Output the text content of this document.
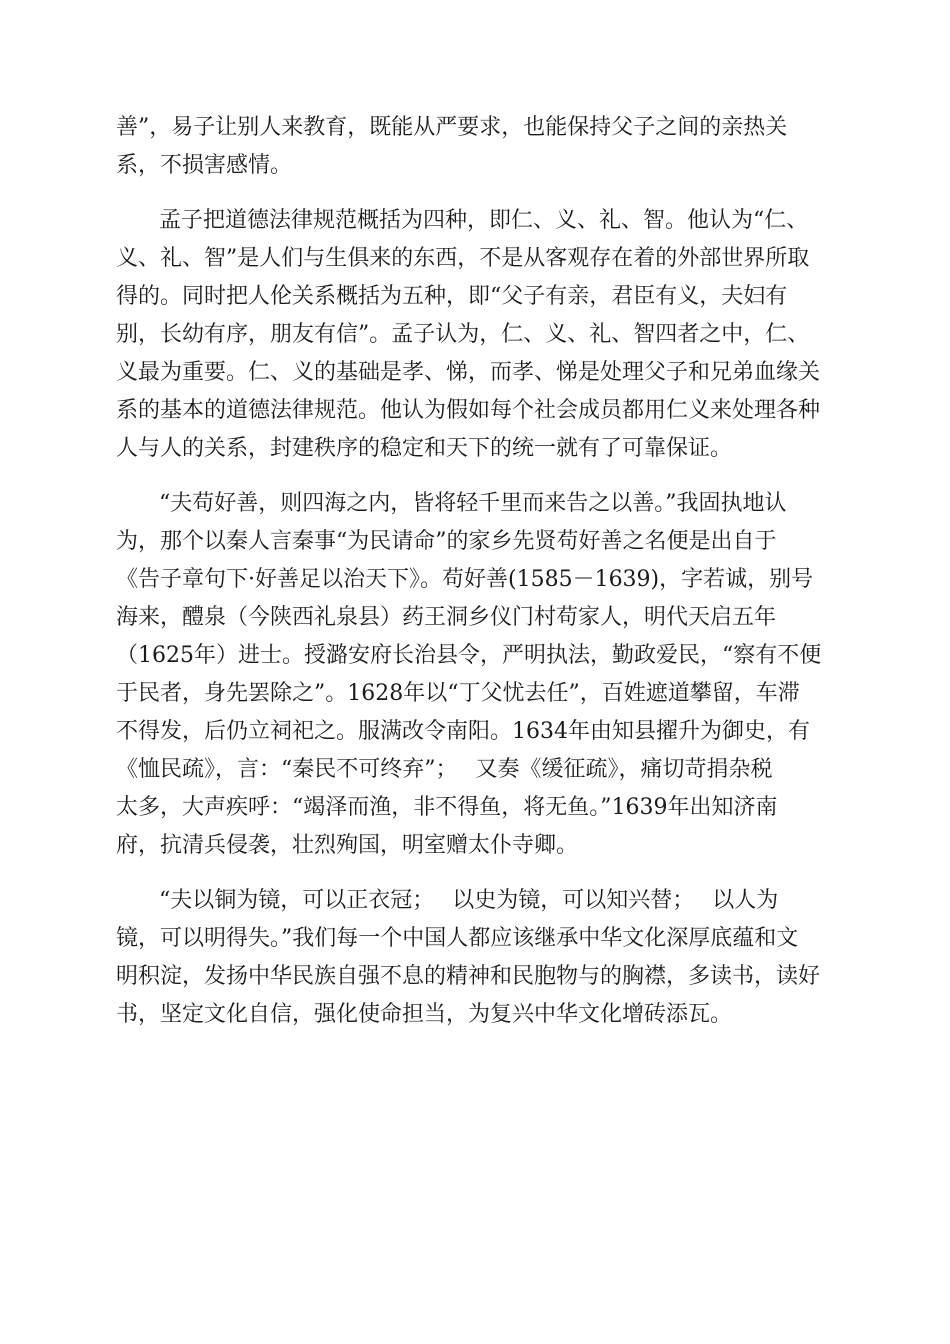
善”，易子让别人来教育，既能从严要求，也能保持父子之间的亲热关

系，不损害感情。

孟子把道德法律规范概括为四种，即仁、义、礼、智。他认为“仁、

义、礼、智”是人们与生俱来的东西，不是从客观存在着的外部世界所取

得的。同时把人伦关系概括为五种，即“父子有亲，君臣有义，夫妇有

别，长幼有序，朋友有信”。孟子认为，仁、义、礼、智四者之中，仁、

义最为重要。仁、义的基础是孝、悌，而孝、悌是处理父子和兄弟血缘关

系的基本的道德法律规范。他认为假如每个社会成员都用仁义来处理各种

人与人的关系，封建秩序的稳定和天下的统一就有了可靠保证。

“夫苟好善，则四海之内，皆将轻千里而来告之以善。”我固执地认

为，那个以秦人言秦事“为民请命”的家乡先贤苟好善之名便是出自于

《告子章句下·好善足以治天下》。苟好善(1585－1639)，字若诚，别号

海来，醴泉（今陕西礼泉县）药王洞乡仪门村苟家人，明代天启五年

（1625年）进士。授潞安府长治县令，严明执法，勤政爱民，“察有不便

于民者，身先罢除之”。1628年以“丁父忧去任”，百姓遮道攀留，车滞

不得发，后仍立祠祀之。服满改令南阳。1634年由知县擢升为御史，有

《恤民疏》，言：“秦民不可终弃”；　 又奏《缓征疏》，痛切苛捐杂税

太多，大声疾呼：“竭泽而渔，非不得鱼，将无鱼。”1639年出知济南

府，抗清兵侵袭，壮烈殉国，明室赠太仆寺卿。

“夫以铜为镜，可以正衣冠；　 以史为镜，可以知兴替；　 以人为

镜，可以明得失。”我们每一个中国人都应该继承中华文化深厚底蕴和文

明积淀，发扬中华民族自强不息的精神和民胞物与的胸襟，多读书，读好

书，坚定文化自信，强化使命担当，为复兴中华文化增砖添瓦。
